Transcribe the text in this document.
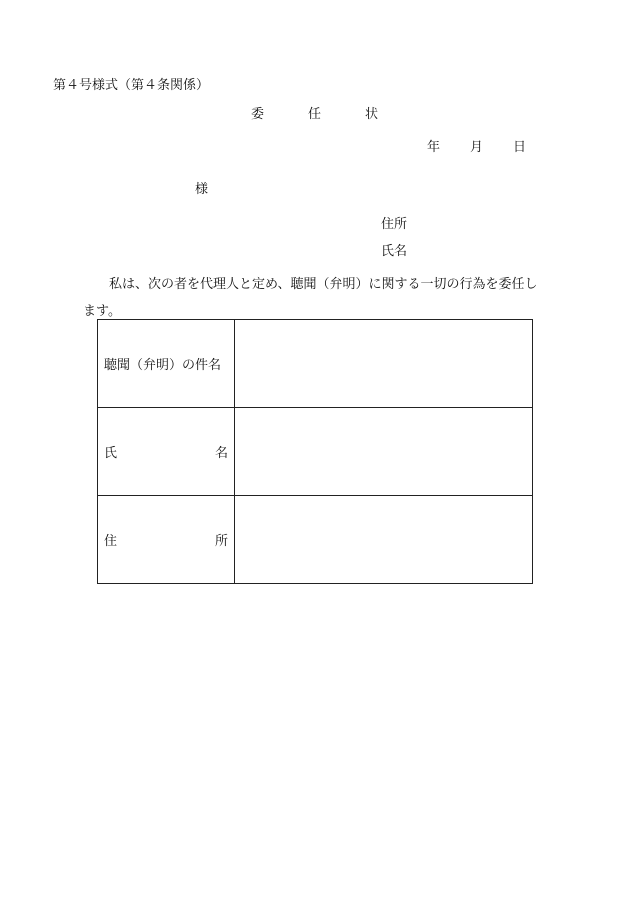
第４号様式（第４条関係）
委	任	状
年 月 日
様
住所
氏名
私は、次の者を代理人と定め、聴聞（弁明）に関する一切の行為を委任します。
聴聞（弁明）の件名	

氏 名	

住 所	
